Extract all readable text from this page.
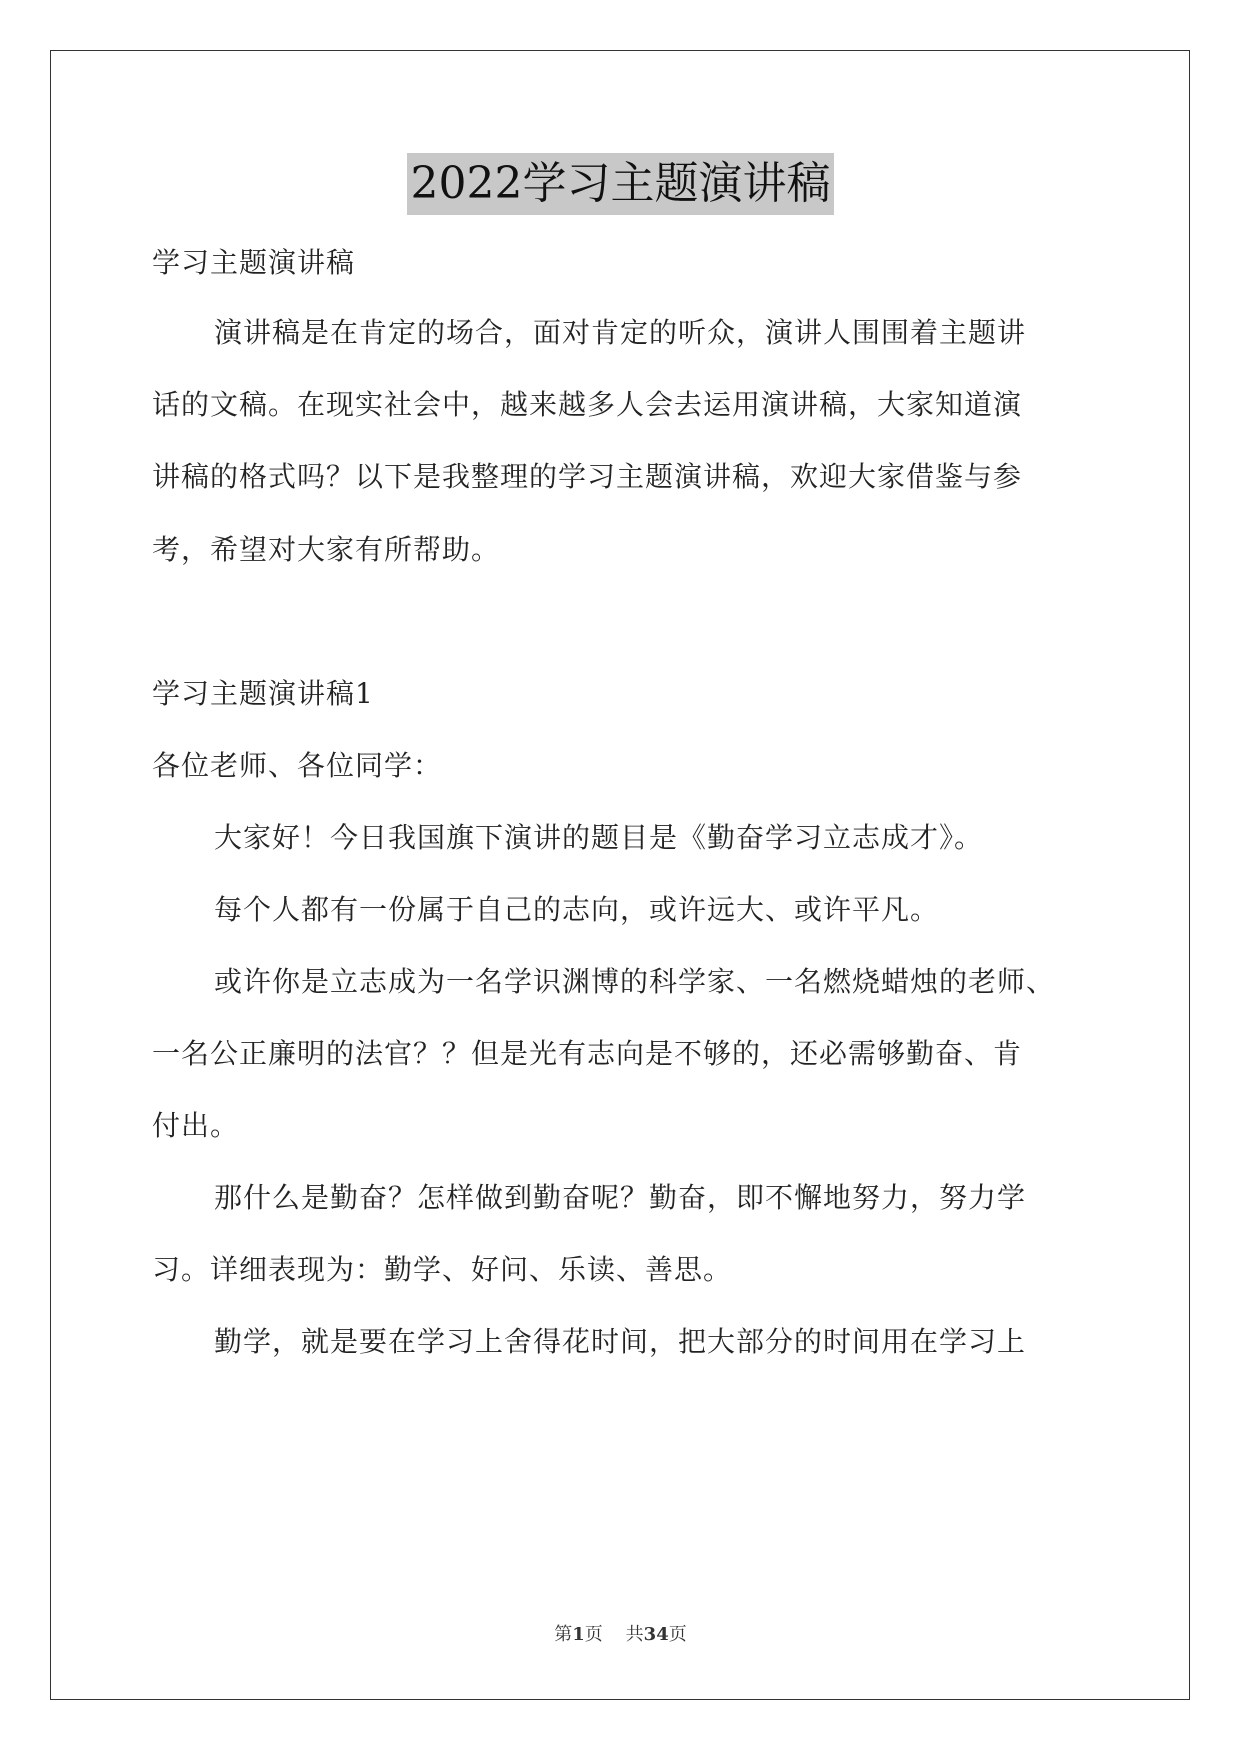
2022学习主题演讲稿
学习主题演讲稿
演讲稿是在肯定的场合，面对肯定的听众，演讲人围围着主题讲
话的文稿。在现实社会中，越来越多人会去运用演讲稿，大家知道演
讲稿的格式吗？以下是我整理的学习主题演讲稿，欢迎大家借鉴与参
考，希望对大家有所帮助。
学习主题演讲稿1
各位老师、各位同学：
大家好！今日我国旗下演讲的题目是《勤奋学习立志成才》。
每个人都有一份属于自己的志向，或许远大、或许平凡。
或许你是立志成为一名学识渊博的科学家、一名燃烧蜡烛的老师、
一名公正廉明的法官？？但是光有志向是不够的，还必需够勤奋、肯
付出。
那什么是勤奋？怎样做到勤奋呢？勤奋，即不懈地努力，努力学
习。详细表现为：勤学、好问、乐读、善思。
勤学，就是要在学习上舍得花时间，把大部分的时间用在学习上
第1页 共34页
